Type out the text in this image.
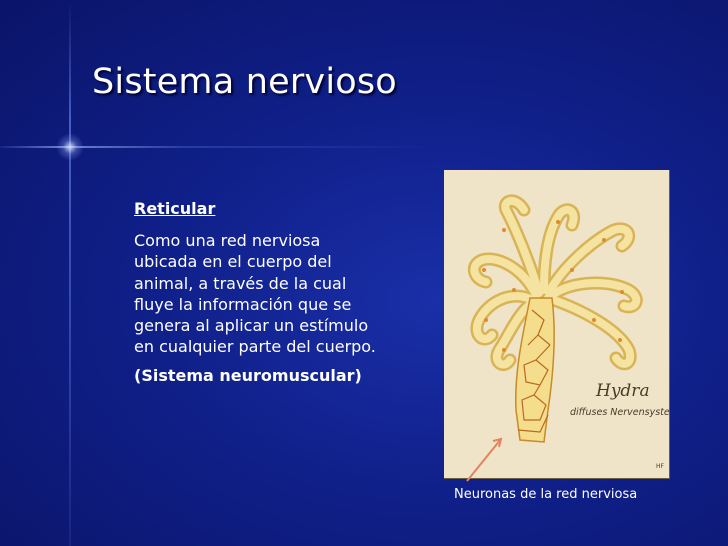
Sistema nervioso

Reticular

Como una red nerviosa ubicada en el cuerpo del animal, a través de la cual fluye la información que se genera al aplicar un estímulo en cualquier parte del cuerpo.

(Sistema neuromuscular)

Hydra
diffuses Nervensystem
HF
Neuronas de la red nerviosa
